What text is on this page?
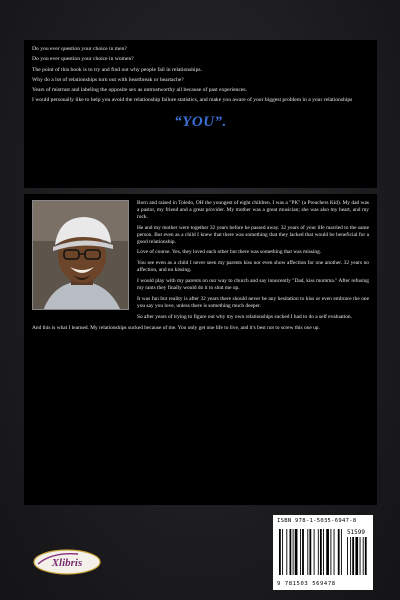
Do you ever question your choice in men?

Do you ever question your choice in women?

The point of this book is to try and find out why people fail in relationships.

Why do a lot of relationships turn out with heartbreak or heartache?

Years of mistrust and labeling the opposite sex as untrustworthy all because of past experiences.

I would personally like to help you avoid the relationship failure statistics, and make you aware of your biggest problem in a your relationships

“YOU”.

Born and raised in Toledo, OH the youngest of eight children. I was a "PK" (a Preachers Kid). My dad was a pastor, my friend and a great provider. My mother was a great musician; she was also my heart, and my rock.

He and my mother were together 32 years before he passed away. 32 years of your life married to the same person. But even as a child I knew that there was something that they lacked that would be beneficial for a good relationship.

Love of course. Yes, they loved each other but there was something that was missing.

You see even as a child I never seen my parents kiss nor even show affection for one another. 32 years no affection, and no kissing.

I would play with my parents on our way to church and say innocently "Dad, kiss momma." After refusing my rants they finally would do it to shut me up.

It was fun but reality is after 32 years there should never be any hesitation to kiss or even embrace the one you say you love, unless there is something much deeper.

So after years of trying to figure out why my own relationships sucked I had to do a self evaluation.

And this is what I learned. My relationships sucked because of me. You only get one life to live, and it's best not to screw this one up.

Xlibris
ISBN 978-1-5035-6947-8
51599
9 781503 569478
